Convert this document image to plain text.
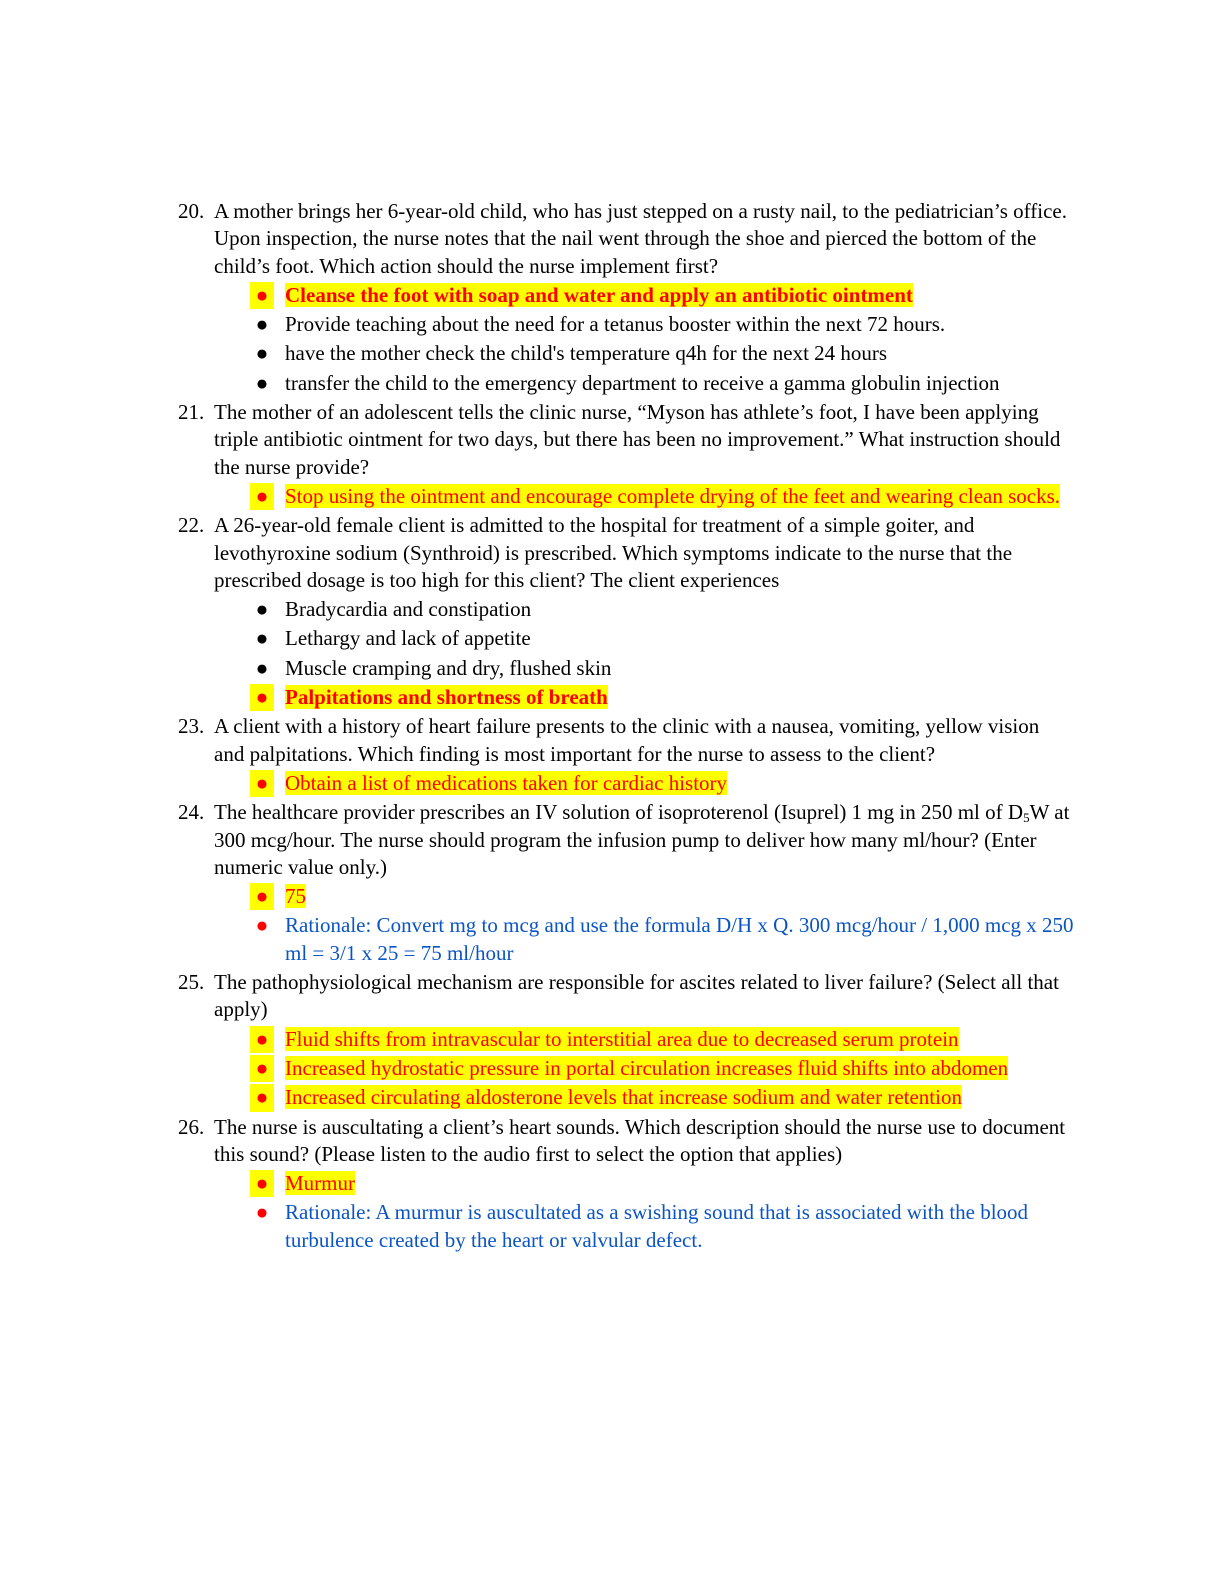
20. A mother brings her 6-year-old child, who has just stepped on a rusty nail, to the pediatrician’s office. Upon inspection, the nurse notes that the nail went through the shoe and pierced the bottom of the child’s foot. Which action should the nurse implement first?
● Cleanse the foot with soap and water and apply an antibiotic ointment
● Provide teaching about the need for a tetanus booster within the next 72 hours.
● have the mother check the child's temperature q4h for the next 24 hours
● transfer the child to the emergency department to receive a gamma globulin injection
21. The mother of an adolescent tells the clinic nurse, “Myson has athlete’s foot, I have been applying triple antibiotic ointment for two days, but there has been no improvement.” What instruction should the nurse provide?
● Stop using the ointment and encourage complete drying of the feet and wearing clean socks.
22. A 26-year-old female client is admitted to the hospital for treatment of a simple goiter, and levothyroxine sodium (Synthroid) is prescribed. Which symptoms indicate to the nurse that the prescribed dosage is too high for this client? The client experiences
● Bradycardia and constipation
● Lethargy and lack of appetite
● Muscle cramping and dry, flushed skin
● Palpitations and shortness of breath
23. A client with a history of heart failure presents to the clinic with a nausea, vomiting, yellow vision and palpitations. Which finding is most important for the nurse to assess to the client?
● Obtain a list of medications taken for cardiac history
24. The healthcare provider prescribes an IV solution of isoproterenol (Isuprel) 1 mg in 250 ml of $D_5W$ at 300 mcg/hour. The nurse should program the infusion pump to deliver how many ml/hour? (Enter numeric value only.)
● 75
● Rationale: Convert mg to mcg and use the formula D/H x Q. 300 mcg/hour / 1,000 mcg x 250 ml = 3/1 x 25 = 75 ml/hour
25. The pathophysiological mechanism are responsible for ascites related to liver failure? (Select all that apply)
● Fluid shifts from intravascular to interstitial area due to decreased serum protein
● Increased hydrostatic pressure in portal circulation increases fluid shifts into abdomen
● Increased circulating aldosterone levels that increase sodium and water retention
26. The nurse is auscultating a client’s heart sounds. Which description should the nurse use to document this sound? (Please listen to the audio first to select the option that applies)
● Murmur
● Rationale: A murmur is auscultated as a swishing sound that is associated with the blood turbulence created by the heart or valvular defect.
